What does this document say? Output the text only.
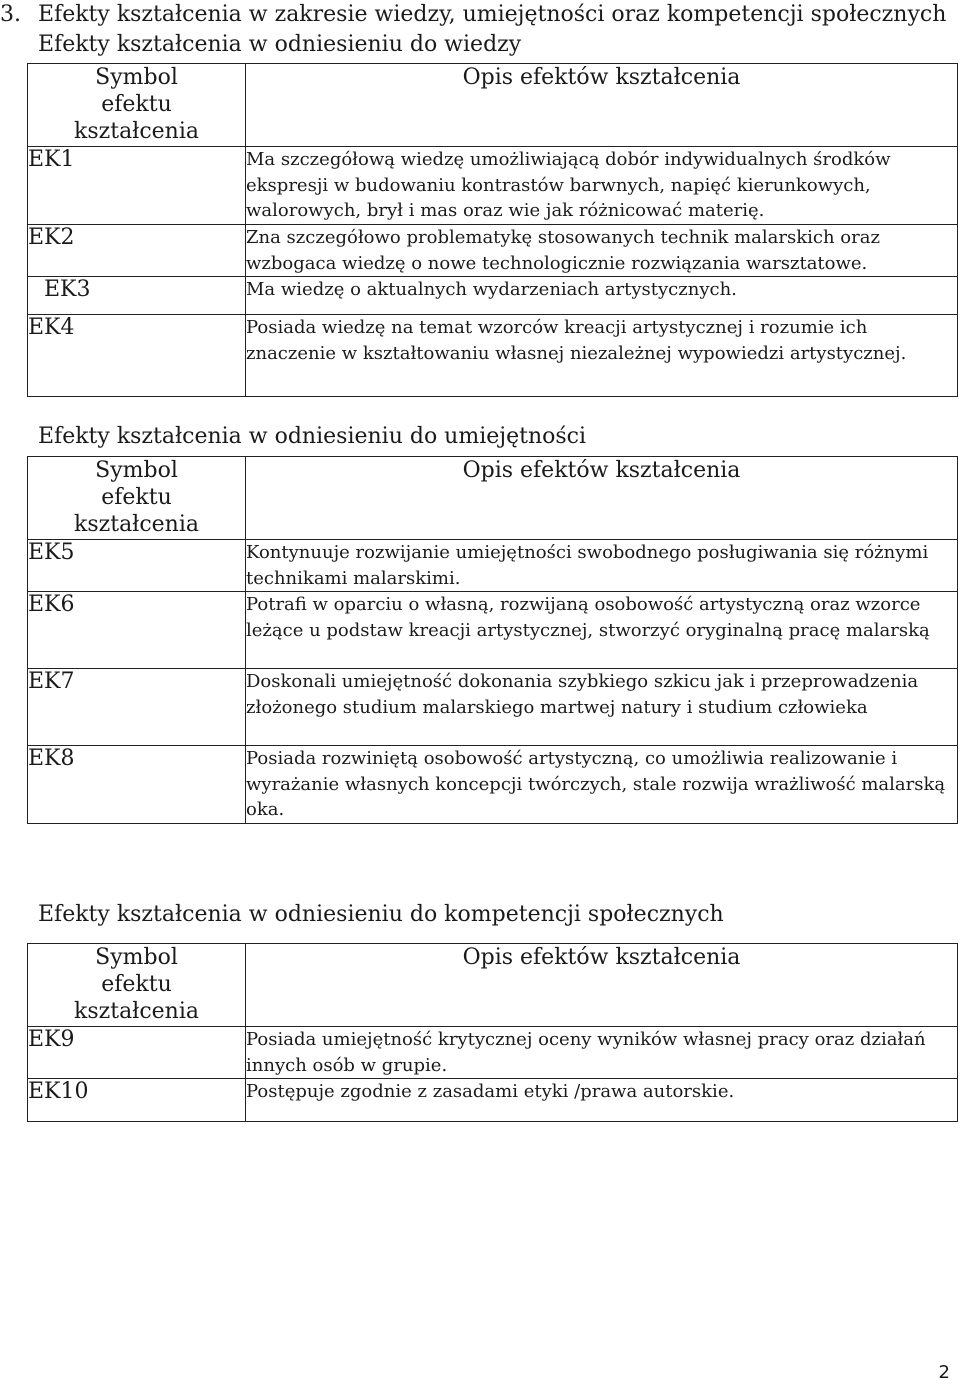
3. Efekty kształcenia w zakresie wiedzy, umiejętności oraz kompetencji społecznych
Efekty kształcenia w odniesieniu do wiedzy
Symbol
efektu
kształcenia	Opis efektów kształcenia
EK1	Ma szczegółową wiedzę umożliwiającą dobór indywidualnych środków ekspresji w budowaniu kontrastów barwnych, napięć kierunkowych, walorowych, brył i mas oraz wie jak różnicować materię.
EK2	Zna szczegółowo problematykę stosowanych technik malarskich oraz wzbogaca wiedzę o nowe technologicznie rozwiązania warsztatowe.
EK3	Ma wiedzę o aktualnych wydarzeniach artystycznych.
EK4	Posiada wiedzę na temat wzorców kreacji artystycznej i rozumie ich znaczenie w kształtowaniu własnej niezależnej wypowiedzi artystycznej.
Efekty kształcenia w odniesieniu do umiejętności
Symbol
efektu
kształcenia	Opis efektów kształcenia
EK5	Kontynuuje rozwijanie umiejętności swobodnego posługiwania się różnymi technikami malarskimi.
EK6	Potrafi w oparciu o własną, rozwijaną osobowość artystyczną oraz wzorce leżące u podstaw kreacji artystycznej, stworzyć oryginalną pracę malarską
EK7	Doskonali umiejętność dokonania szybkiego szkicu jak i przeprowadzenia złożonego studium malarskiego martwej natury i studium człowieka
EK8	Posiada rozwiniętą osobowość artystyczną, co umożliwia realizowanie i wyrażanie własnych koncepcji twórczych, stale rozwija wrażliwość malarską oka.
Efekty kształcenia w odniesieniu do kompetencji społecznych
Symbol
efektu
kształcenia	Opis efektów kształcenia
EK9	Posiada umiejętność krytycznej oceny wyników własnej pracy oraz działań innych osób w grupie.
EK10	Postępuje zgodnie z zasadami etyki /prawa autorskie.
2
